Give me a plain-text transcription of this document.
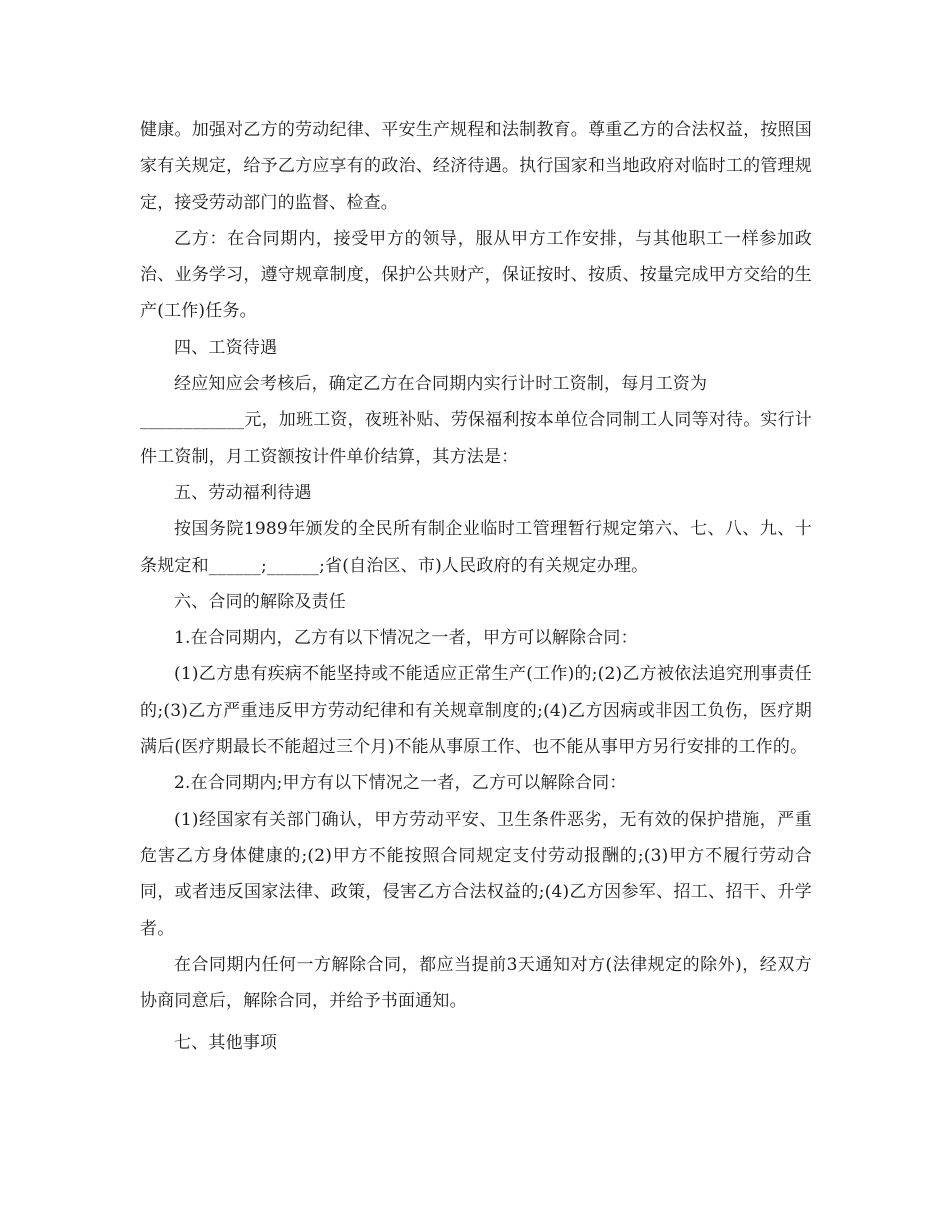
健康。加强对乙方的劳动纪律、平安生产规程和法制教育。尊重乙方的合法权益，按照国家有关规定，给予乙方应享有的政治、经济待遇。执行国家和当地政府对临时工的管理规定，接受劳动部门的监督、检查。

乙方：在合同期内，接受甲方的领导，服从甲方工作安排，与其他职工一样参加政治、业务学习，遵守规章制度，保护公共财产，保证按时、按质、按量完成甲方交给的生产(工作)任务。

四、工资待遇

经应知应会考核后，确定乙方在合同期内实行计时工资制，每月工资为

____________元，加班工资，夜班补贴、劳保福利按本单位合同制工人同等对待。实行计件工资制，月工资额按计件单价结算，其方法是：

五、劳动福利待遇

按国务院1989年颁发的全民所有制企业临时工管理暂行规定第六、七、八、九、十条规定和______;______;省(自治区、市)人民政府的有关规定办理。

六、合同的解除及责任

1.在合同期内，乙方有以下情况之一者，甲方可以解除合同：

(1)乙方患有疾病不能坚持或不能适应正常生产(工作)的;(2)乙方被依法追究刑事责任的;(3)乙方严重违反甲方劳动纪律和有关规章制度的;(4)乙方因病或非因工负伤，医疗期满后(医疗期最长不能超过三个月)不能从事原工作、也不能从事甲方另行安排的工作的。

2.在合同期内;甲方有以下情况之一者，乙方可以解除合同：

(1)经国家有关部门确认，甲方劳动平安、卫生条件恶劣，无有效的保护措施，严重危害乙方身体健康的;(2)甲方不能按照合同规定支付劳动报酬的;(3)甲方不履行劳动合同，或者违反国家法律、政策，侵害乙方合法权益的;(4)乙方因参军、招工、招干、升学者。

在合同期内任何一方解除合同，都应当提前3天通知对方(法律规定的除外)，经双方协商同意后，解除合同，并给予书面通知。

七、其他事项
